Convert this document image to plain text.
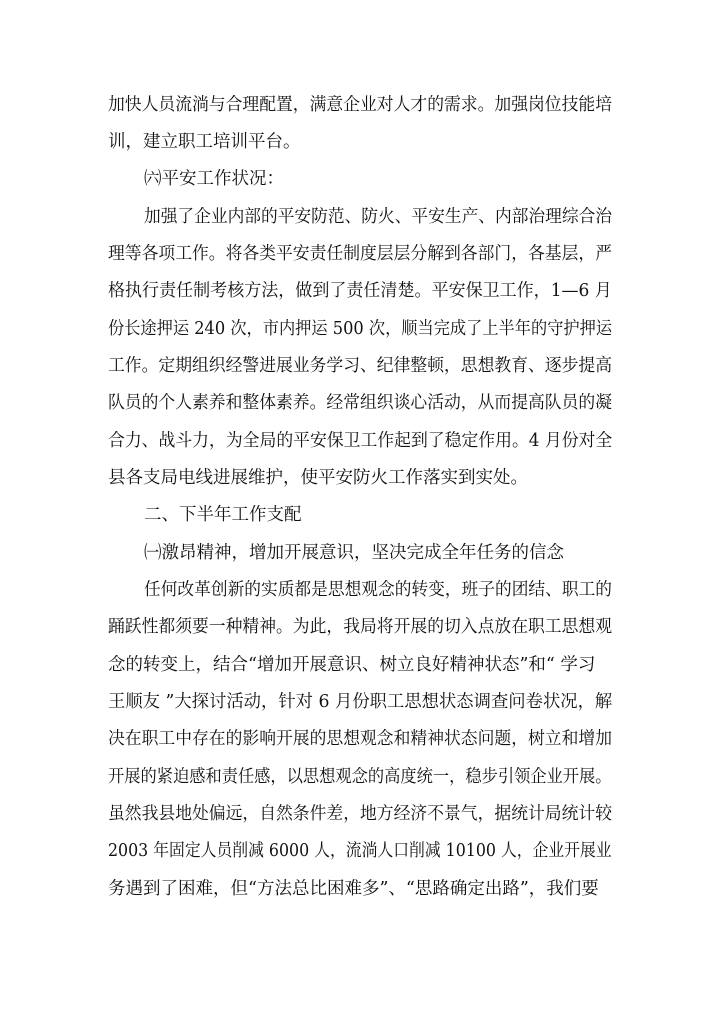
加快人员流淌与合理配置，满意企业对人才的需求。加强岗位技能培
训，建立职工培训平台。
㈥平安工作状况：
加强了企业内部的平安防范、防火、平安生产、内部治理综合治
理等各项工作。将各类平安责任制度层层分解到各部门，各基层，严
格执行责任制考核方法，做到了责任清楚。平安保卫工作，1—6 月
份长途押运 240 次，市内押运 500 次，顺当完成了上半年的守护押运
工作。定期组织经警进展业务学习、纪律整顿，思想教育、逐步提高
队员的个人素养和整体素养。经常组织谈心活动，从而提高队员的凝
合力、战斗力，为全局的平安保卫工作起到了稳定作用。4 月份对全
县各支局电线进展维护，使平安防火工作落实到实处。
二、下半年工作支配
㈠激昂精神，增加开展意识，坚决完成全年任务的信念
任何改革创新的实质都是思想观念的转变，班子的团结、职工的
踊跃性都须要一种精神。为此，我局将开展的切入点放在职工思想观
念的转变上，结合“增加开展意识、树立良好精神状态”和“ 学习
王顺友 ”大探讨活动，针对 6 月份职工思想状态调查问卷状况，解
决在职工中存在的影响开展的思想观念和精神状态问题，树立和增加
开展的紧迫感和责任感，以思想观念的高度统一，稳步引领企业开展。
虽然我县地处偏远，自然条件差，地方经济不景气，据统计局统计较
2003 年固定人员削减 6000 人，流淌人口削减 10100 人，企业开展业
务遇到了困难，但“方法总比困难多”、“思路确定出路”，我们要
